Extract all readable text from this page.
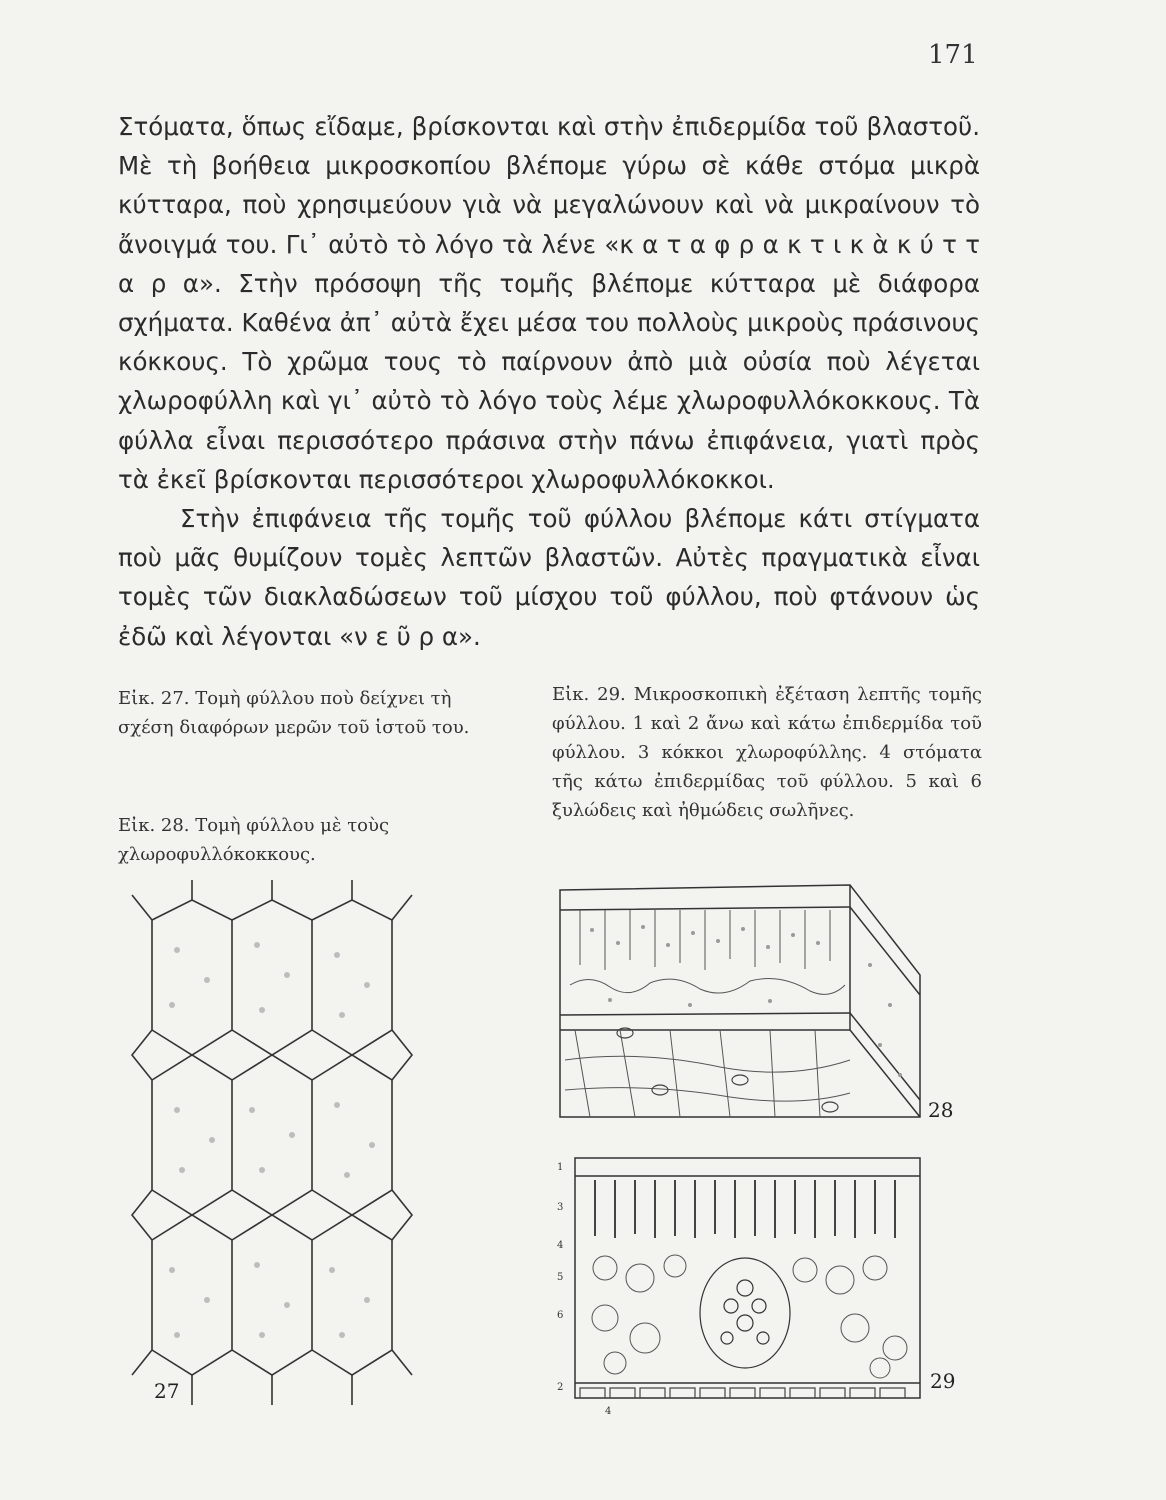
171

Στόματα, ὅπως εἴδαμε, βρίσκονται καὶ στὴν ἐπιδερμίδα τοῦ βλαστοῦ. Μὲ τὴ βοήθεια μικροσκοπίου βλέπομε γύρω σὲ κάθε στόμα μικρὰ κύτταρα, ποὺ χρησιμεύουν γιὰ νὰ μεγαλώνουν καὶ νὰ μικραίνουν τὸ ἄνοιγμά του. Γι᾽ αὐτὸ τὸ λόγο τὰ λένε «κ α τ α φ ρ α κ τ ι κ ὰ κ ύ τ τ α ρ α». Στὴν πρόσοψη τῆς τομῆς βλέπομε κύτταρα μὲ διάφορα σχήματα. Καθένα ἀπ᾽ αὐτὰ ἔχει μέσα του πολλοὺς μικροὺς πράσινους κόκκους. Τὸ χρῶμα τους τὸ παίρνουν ἀπὸ μιὰ οὐσία ποὺ λέγεται χλωροφύλλη καὶ γι᾽ αὐτὸ τὸ λόγο τοὺς λέμε χλωροφυλλόκοκκους. Τὰ φύλλα εἶναι περισσότερο πράσινα στὴν πάνω ἐπιφάνεια, γιατὶ πρὸς τὰ ἐκεῖ βρίσκονται περισσότεροι χλωροφυλλόκοκκοι.

Στὴν ἐπιφάνεια τῆς τομῆς τοῦ φύλλου βλέπομε κάτι στίγματα ποὺ μᾶς θυμίζουν τομὲς λεπτῶν βλαστῶν. Αὐτὲς πραγματικὰ εἶναι τομὲς τῶν διακλαδώσεων τοῦ μίσχου τοῦ φύλλου, ποὺ φτάνουν ὡς ἐδῶ καὶ λέγονται «ν ε ῦ ρ α».

Εἰκ. 27. Τομὴ φύλλου ποὺ δείχνει τὴ σχέση διαφόρων μερῶν τοῦ ἱστοῦ του.

Εἰκ. 28. Τομὴ φύλλου μὲ τοὺς χλωροφυλλόκοκκους.

Εἰκ. 29. Μικροσκοπικὴ ἐξέταση λεπτῆς τομῆς φύλλου. 1 καὶ 2 ἄνω καὶ κάτω ἐπιδερμίδα τοῦ φύλλου. 3 κόκκοι χλωροφύλλης. 4 στόματα τῆς κάτω ἐπιδερμίδας τοῦ φύλλου. 5 καὶ 6 ξυλώδεις καὶ ἠθμώδεις σωλῆνες.

27
28
1
3
4
5
6
2
4
29
